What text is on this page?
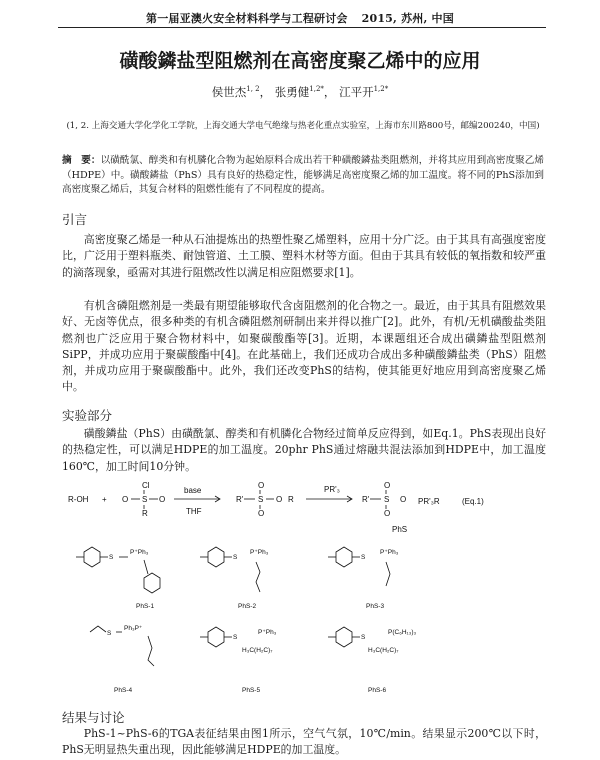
第一届亚澳火安全材料科学与工程研讨会 2015, 苏州, 中国
磺酸鏻盐型阻燃剂在高密度聚乙烯中的应用
侯世杰$^{1, 2}$， 张勇健$^{1,2*}$， 江平开$^{1,2*}$
(1, 2. 上海交通大学化学化工学院，上海交通大学电气绝缘与热老化重点实验室，上海市东川路800号，邮编200240，中国)
摘　要：以磺酰氯、醇类和有机膦化合物为起始原料合成出若干种磺酸鏻盐类阻燃剂，并将其应用到高密度聚乙烯（HDPE）中。磺酸鏻盐（PhS）具有良好的热稳定性，能够满足高密度聚乙烯的加工温度。将不同的PhS添加到高密度聚乙烯后，其复合材料的阻燃性能有了不同程度的提高。
引言
高密度聚乙烯是一种从石油提炼出的热塑性聚乙烯塑料，应用十分广泛。由于其具有高强度密度比，广泛用于塑料瓶类、耐蚀管道、土工膜、塑料木材等方面。但由于其具有较低的氧指数和较严重的滴落现象，亟需对其进行阻燃改性以满足相应阻燃要求[1]。
有机含磷阻燃剂是一类最有期望能够取代含卤阻燃剂的化合物之一。最近，由于其具有阻燃效果好、无卤等优点，很多种类的有机含磷阻燃剂研制出来并得以推广[2]。此外，有机/无机磺酸盐类阻燃剂也广泛应用于聚合物材料中，如聚碳酸酯等[3]。近期，本课题组还合成出磺鏻盐型阻燃剂SiPP，并成功应用于聚碳酸酯中[4]。在此基础上，我们还成功合成出多种磺酸鏻盐类（PhS）阻燃剂，并成功应用于聚碳酸酯中。此外，我们还改变PhS的结构，使其能更好地应用到高密度聚乙烯中。
实验部分
磺酸鏻盐（PhS）由磺酰氯、醇类和有机膦化合物经过简单反应得到，如Eq.1。PhS表现出良好的热稳定性，可以满足HDPE的加工温度。20phr PhS通过熔融共混法添加到HDPE中，加工温度160℃，加工时间10分钟。
R-OH +
Cl
O S O
R
base
THF
R'
O
S
O
O R
PR'₃
R'
O
S
O
O PR'₃R	(Eq.1)
PhS
S
P⁺Ph₃
PhS-1
S
P⁺Ph₃
PhS-2
S
P⁺Ph₃
PhS-3
S
Ph₃P⁺
PhS-4
S
P⁺Ph₃
H₃C(H₂C)₇
PhS-5
S
P(C₆H₁₃)₃
H₃C(H₂C)₇
PhS-6
结果与讨论
PhS-1~PhS-6的TGA表征结果由图1所示，空气气氛，10℃/min。结果显示200℃以下时，PhS无明显热失重出现，因此能够满足HDPE的加工温度。
